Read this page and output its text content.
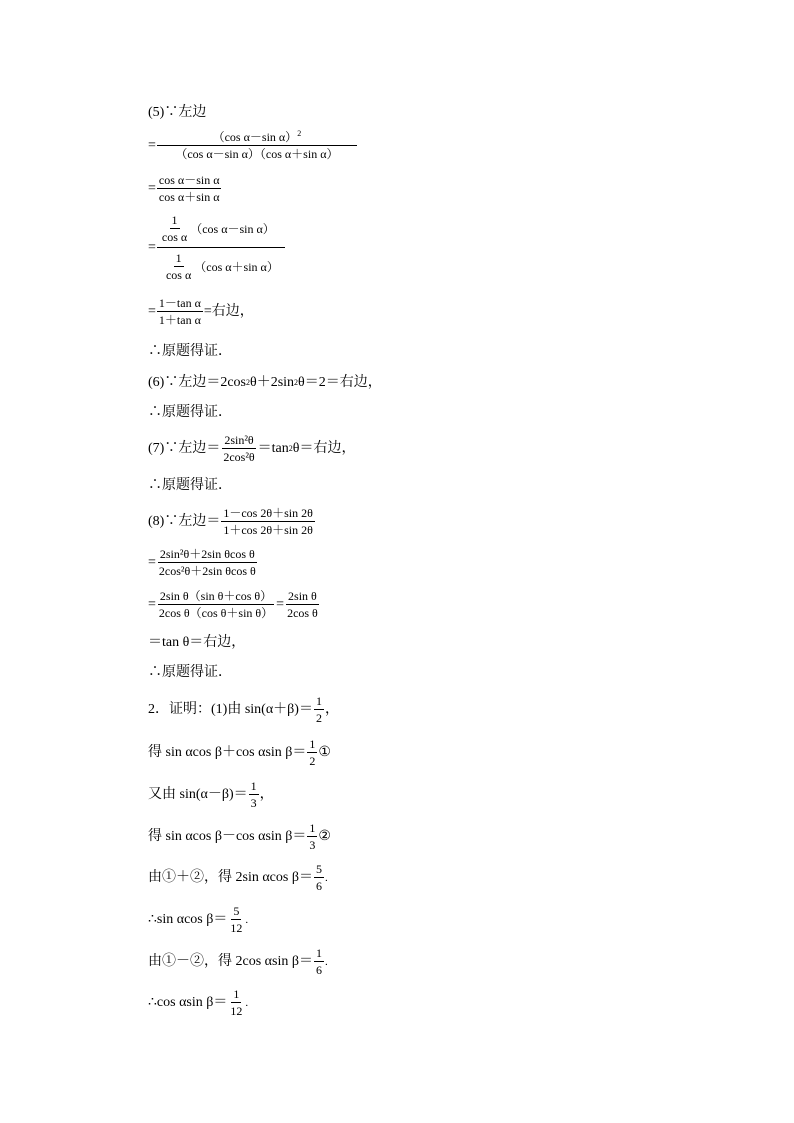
(5)∵左边
= $\frac{(\cos \alpha-\sin \alpha)^2}{\text{（cos α－sin α）（cos α＋sin α）}}$
= $\frac{\text{cos α－sin α}}{\text{cos α＋sin α}}$
= $\frac{\frac{1}{\text{cos α}} (\cos \alpha-\sin \alpha)}{\frac{1}{\text{cos α}} (\cos \alpha+\sin \alpha)}$
= $\frac{\text{1－tan α}}{\text{1＋tan α}}$ =右边，
∴原题得证．
(6)∵左边＝2cos 2 θ＋2sin 2 θ＝2＝右边，
∴原题得证．
(7)∵左边＝ $\frac{\text{2sin²θ}}{\text{2cos²θ}} =\tan$ 2 θ＝右边，
∴原题得证．
(8)∵左边＝ $\frac{1-\cos 2\theta+\sin 2\theta}{1+\cos 2\theta+\sin 2\theta}$
= $\frac{\text{2sin²θ＋2sin θcos θ}}{\text{2cos²θ＋2sin θcos θ}}$
= $\frac{\text{2sin θ（sin θ＋cos θ）}}{\text{2cos θ（cos θ＋sin θ）}} = \frac{\text{2sin θ}}{\text{2cos θ}}$
＝tan θ＝右边，
∴原题得证．
2．证明：(1)由 $\sin(\alpha+\beta)= \frac{1}{2}$ ，
得 sin αcos β＋cos αsin $\beta= \frac{1}{2}$ ①
又由 $\sin(\alpha-\beta)= \frac{1}{3}$ ，
得 sin αcos β－cos αsin $\beta= \frac{1}{3}$ ②
由①＋②，得 2sin αcos $\beta= \frac{5}{6}$ .
∴sin αcos $\beta= \frac{5}{12}$ .
由①－②，得 2cos αsin $\beta= \frac{1}{6}$ .
∴cos αsin $\beta= \frac{1}{12}$ .
